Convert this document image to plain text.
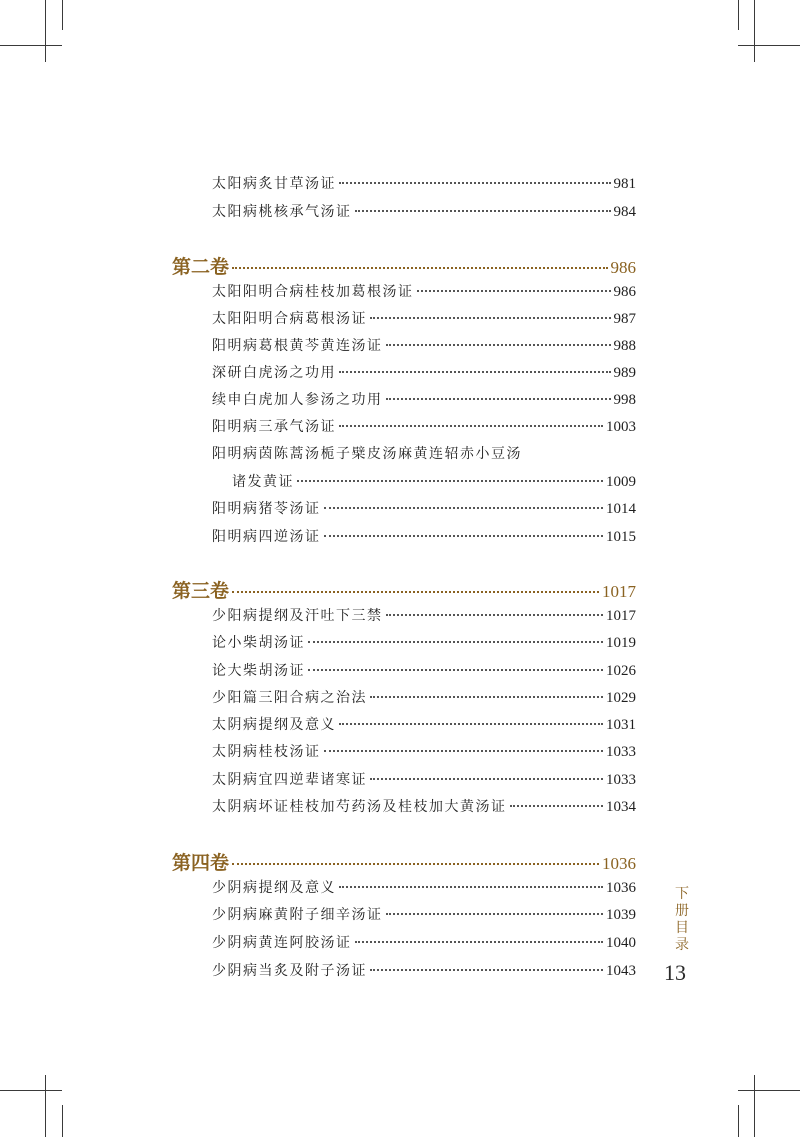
太阳病炙甘草汤证	981
太阳病桃核承气汤证	984
第二卷	986
太阳阳明合病桂枝加葛根汤证	986
太阳阳明合病葛根汤证	987
阳明病葛根黄芩黄连汤证	988
深研白虎汤之功用	989
续申白虎加人参汤之功用	998
阳明病三承气汤证	1003
阳明病茵陈蒿汤栀子檗皮汤麻黄连轺赤小豆汤
诸发黄证	1009
阳明病猪苓汤证	1014
阳明病四逆汤证	1015
第三卷	1017
少阳病提纲及汗吐下三禁	1017
论小柴胡汤证	1019
论大柴胡汤证	1026
少阳篇三阳合病之治法	1029
太阴病提纲及意义	1031
太阴病桂枝汤证	1033
太阴病宜四逆辈诸寒证	1033
太阴病坏证桂枝加芍药汤及桂枝加大黄汤证	1034
第四卷	1036
少阴病提纲及意义	1036
少阴病麻黄附子细辛汤证	1039
少阴病黄连阿胶汤证	1040
少阴病当炙及附子汤证	1043
下册目录
13
